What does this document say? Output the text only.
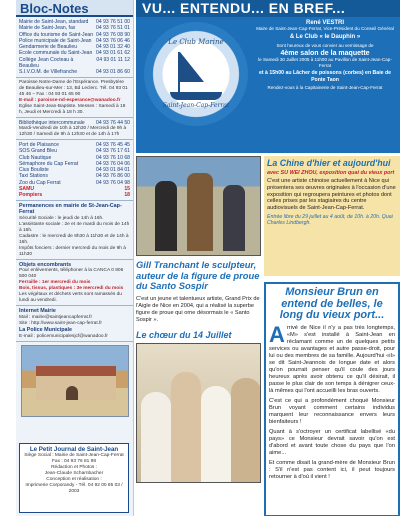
Bloc-Notes
Mairie de Saint-Jean, standard	04 93 76 51 00
Mairie de Saint-Jean, fax	04 93 76 51 01
Office du tourisme de Saint-Jean 04 93 76 08 90
Police municipale de Saint-Jean 04 93 76 06 46
Gendarmerie de Beaulieu	04 93 01 32 40
Ecole communale du Saint-Jean 04 93 01 61 62
Collège Jean Cocteau à Beaulieu
04 93 01 11 12
S.I.V.O.M. de Villefranche	04 93 01 86 60
Paroisse Notre-Dame de l'Espérance. Presbytère de Beaulieu-sur-Mer : 13, Bd Leclerc. Tél. 04 93 01 45 46 – Fax : 04 93 01 65 90
E-mail : paroisse-nd-esperance@wanadoo.fr
Eglise Saint-Jean-Baptiste. Messes : Samedi à 18 h, Jeudi et Mercredi à 18 h 30.
Bibliothèque intercommunale	04 93 76 44 50
Mardi-Vendredi de 10h à 12h30 / Mercredi de 9h à 12h30 / Samedi de 9h à 12h30 et de 14h à 17h
Port de Plaisance	04 93 76 45 45
SOS Grand Bleu	04 93 76 17 61
Club Nautique	04 93 76 10 68
Sémaphore du Cap Ferrat	04 93 76 04 06
Cius Bouliste	04 93 01 84 01
Taxi Stations	04 93 76 86 00
Zoo du Cap Ferrat	04 93 76 04 98
SAMU	15
Pompiers	18
Permanences en mairie de St-Jean-Cap-Ferrat
Sécurité Sociale : le jeudi de 14h à 16h.
L'assistante sociale : 2e et 4e mardi du mois de 14h à 16h.
Cadastre : le mercredi de 8h30 à 11h30 et de 14h à 16h.
Impôts fonciers : dernier mercredi du mois de 9h à 11h30
Objets encombrants
Pour enlèvements, téléphoner à la CANCA 0 806 500 040
Ferraille : 1er mercredi du mois
Bois, tissus, plastiques : 3e mercredi du mois
Les végétaux et déchets verts sont ramassés du lundi au vendredi.
Internet Mairie
Mail : mairie@saintjeancapferrat.fr
Site : http://www.saint-jean-cap-ferrat.fr
La Police Municipale
E-mail : policemunicipalesjcf@wanadoo.fr
Le Petit Journal de Saint-Jean
Siège Social : Mairie de Saint-Jean-Cap-Ferrat
Fax : 04 93 76 81 98
Rédaction et Photos :
Jean-Claude Scharnbacher
Conception et réalisation :
Imprimerie Corporandy - Tél. 04 92 00 85 03 / 2003
VU... ENTENDU... EN BREF...
Le Club Marine
Saint-Jean-Cap-Ferrat
René VESTRI
Maire de Saint-Jean-Cap-Ferrat, Vice-Président du Conseil Général
& Le Club « le Dauphin »
Sont heureux de vous convier au vernissage de
4ème salon de la maquette
le Samedi 30 Juillet 2005 à 11h00 au Pavillon de Saint-Jean-Cap-Ferrat
et à 15h00 au Lâcher de poissons (corbes) en Baie de Ponte Taon
Rendez-vous à la Capitainerie de Saint-Jean-Cap-Ferrat
Gill Tranchant le sculpteur, auteur de la figure de proue du Santo Sospir

C'est un jeune et talentueux artiste, Grand Prix de l'Aigle de Nice en 2004, qui a réalisé la superbe figure de proue qui orne désormais le « Santo Sospir ».

Le chœur du 14 Juillet
La Chine d'hier et aujourd'hui
avec SU WEI ZHOU, exposition quai du vieux port

C'est une artiste chinoise actuellement à Nice qui présentera ses œuvres originales à l'occasion d'une exposition qui regroupera peintures et photos dont celles prises par les stagiaires du centre audiovisuels de Saint-Jean-Cap-Ferrat.

Entrée libre du 29 juillet au 4 août, de 10h. à 20h. Quai Charles Lindbergh.
Monsieur Brun en entend de belles, le long du vieux port...

Arrivé de Nice il n'y a pas très longtemps, «M» s'est installé à Saint-Jean en réclamant comme un de quelques petits services ou avantages et autre passe-droit, pour lui ou des membres de sa famille. Aujourd'hui «il» se dit Saint-Jeannois de longue date et alors qu'on pourrait penser qu'il coule des jours heureux après avoir obtenu ce qu'il désirait, il passe le plus clair de son temps à dénigrer ceux-là mêmes qui l'ont accueilli les bras ouverts.

C'est ce qui a profondément choqué Monsieur Brun voyant comment certains individus marquent leur reconnaissance envers leurs bienfaiteurs !

Quant à s'octroyer un certificat labellisé «du pays» ce Monsieur devrait savoir qu'on est d'abord et avant toute chose du pays que l'on aime...

Et comme disait la grand-mère de Monsieur Brun : S'il n'est pas content ici, il peut toujours retourner à d'où il vient !
